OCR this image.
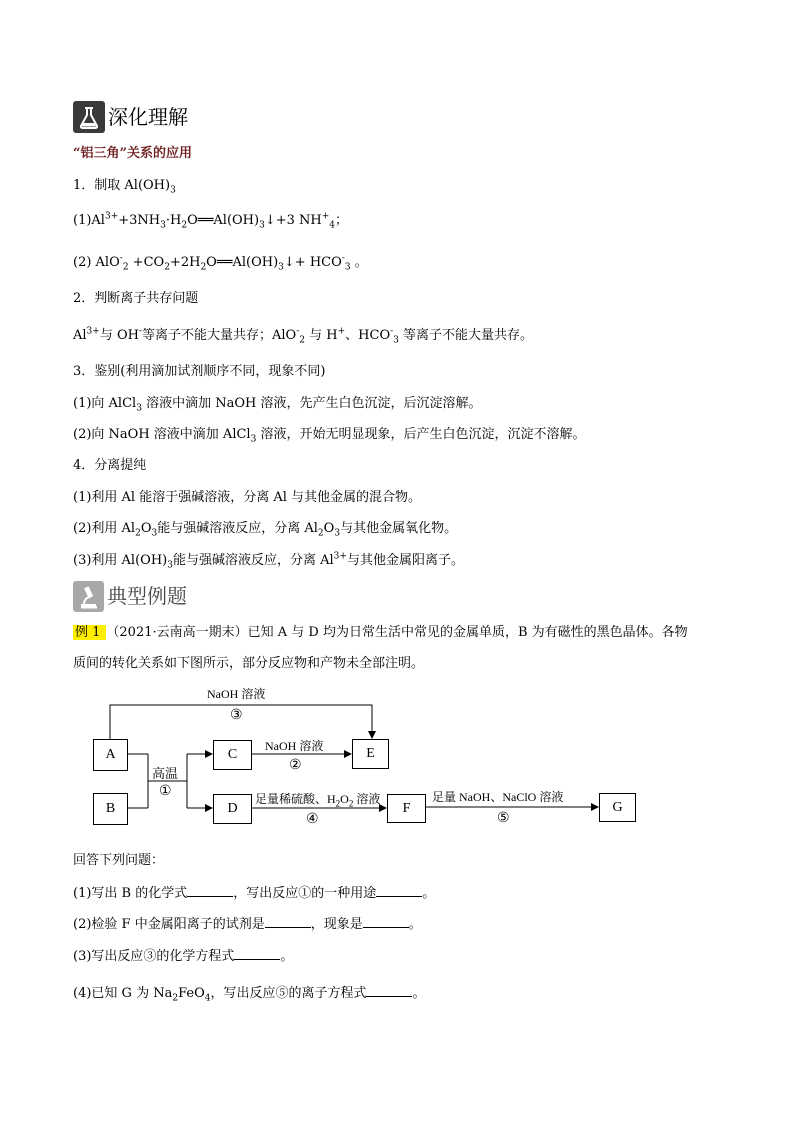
深化理解
“铝三角”关系的应用
1．制取 $Al(OH)_3$
$(1)Al^{3+}+3NH_3\cdot H_2O══Al(OH)_3↓+3$ $NH^+_4$；
(2) $AlO^-_2 +CO_2+2H_2O══Al(OH)_3↓+ HCO^-_3$ 。
2．判断离子共存问题
$Al^{3+}$与 OH-等离子不能大量共存；AlO-$_2$ 与 H+、$HCO^-_3$ 等离子不能大量共存。
3．鉴别(利用滴加试剂顺序不同，现象不同)
(1)向 AlCl$_3$ 溶液中滴加 NaOH 溶液，先产生白色沉淀，后沉淀溶解。
(2)向 NaOH 溶液中滴加 AlCl$_3$ 溶液，开始无明显现象，后产生白色沉淀，沉淀不溶解。
4．分离提纯
(1)利用 Al 能溶于强碱溶液，分离 Al 与其他金属的混合物。
(2)利用 $Al_2O_3$能与强碱溶液反应，分离 $Al_2O_3$与其他金属氧化物。
(3)利用 $Al(OH)_3$能与强碱溶液反应，分离 $Al^{3+}$与其他金属阳离子。
典型例题
例 1 （2021·云南高一期末）已知 A 与 D 均为日常生活中常见的金属单质，B 为有磁性的黑色晶体。各物
质间的转化关系如下图所示，部分反应物和产物未全部注明。
A
B
C
D
E
F	G
NaOH 溶液
③
高温
①
NaOH 溶液
②
足量稀硫酸、$H_2O_2$ 溶液
④
足量 NaOH、NaClO 溶液
⑤
回答下列问题：
(1)写出 B 的化学式	，写出反应①的一种用途	。
(2)检验 F 中金属阳离子的试剂是	，现象是	。
(3)写出反应③的化学方程式	。
(4)已知 G 为 $Na_2FeO_4$，写出反应⑤的离子方程式	。
